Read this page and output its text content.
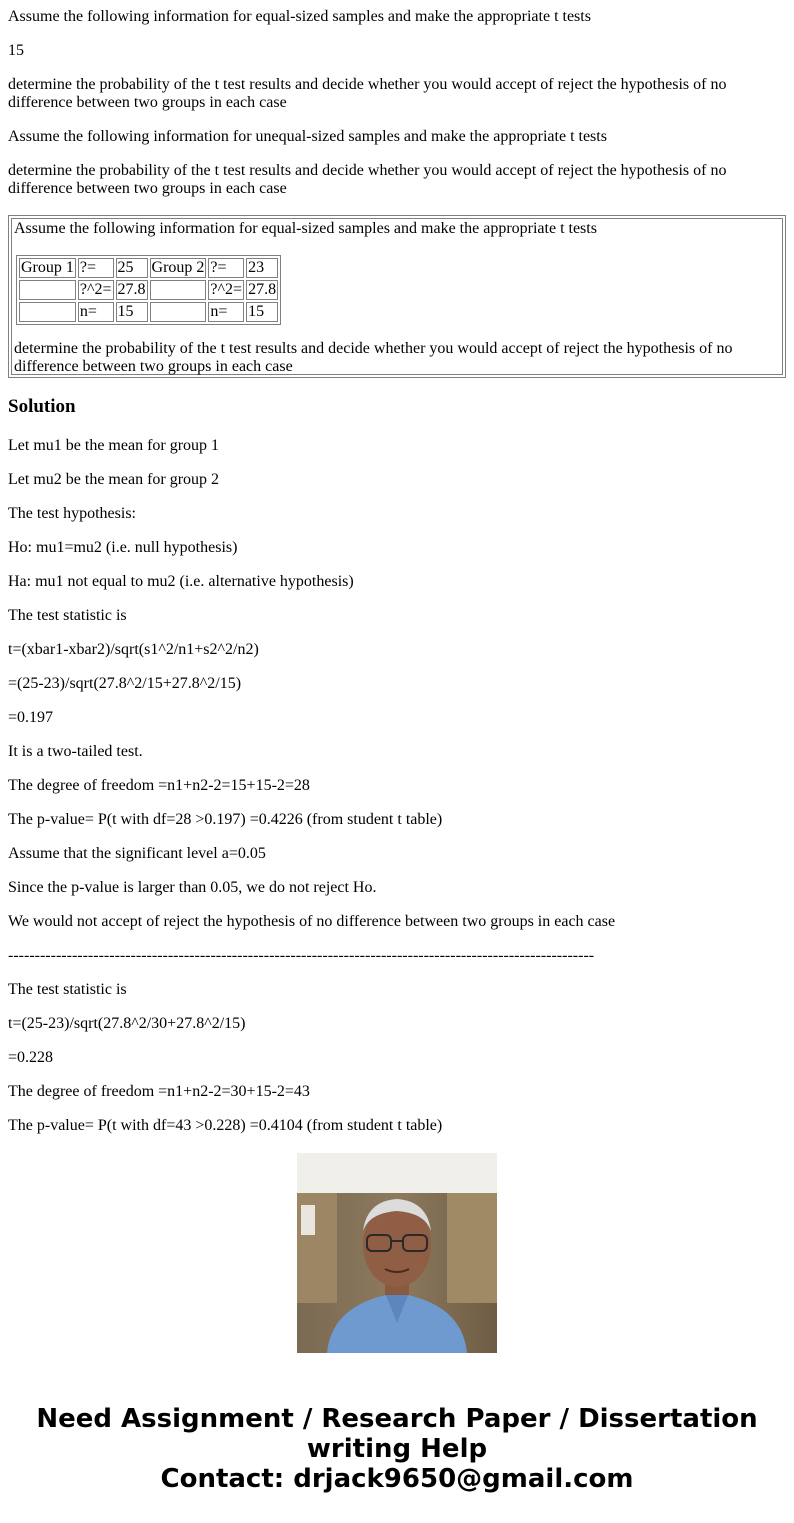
Assume the following information for equal-sized samples and make the appropriate t tests

15

determine the probability of the t test results and decide whether you would accept of reject the hypothesis of no difference between two groups in each case

Assume the following information for unequal-sized samples and make the appropriate t tests

determine the probability of the t test results and decide whether you would accept of reject the hypothesis of no difference between two groups in each case

Assume the following information for equal-sized samples and make the appropriate t tests

Group 1	?=	25	Group 2	?=	23
	?^2=	27.8		?^2=	27.8
	n=	15		n=	15

determine the probability of the t test results and decide whether you would accept of reject the hypothesis of no difference between two groups in each case

Solution

Let mu1 be the mean for group 1

Let mu2 be the mean for group 2

The test hypothesis:

Ho: mu1=mu2 (i.e. null hypothesis)

Ha: mu1 not equal to mu2 (i.e. alternative hypothesis)

The test statistic is

t=(xbar1-xbar2)/sqrt(s1^2/n1+s2^2/n2)

=(25-23)/sqrt(27.8^2/15+27.8^2/15)

=0.197

It is a two-tailed test.

The degree of freedom =n1+n2-2=15+15-2=28

The p-value= P(t with df=28 >0.197) =0.4226 (from student t table)

Assume that the significant level a=0.05

Since the p-value is larger than 0.05, we do not reject Ho.

We would not accept of reject the hypothesis of no difference between two groups in each case

--------------------------------------------------------------------------------------------------------------

The test statistic is

t=(25-23)/sqrt(27.8^2/30+27.8^2/15)

=0.228

The degree of freedom =n1+n2-2=30+15-2=43

The p-value= P(t with df=43 >0.228) =0.4104 (from student t table)

Need Assignment / Research Paper / Dissertation
writing Help
Contact: drjack9650@gmail.com
